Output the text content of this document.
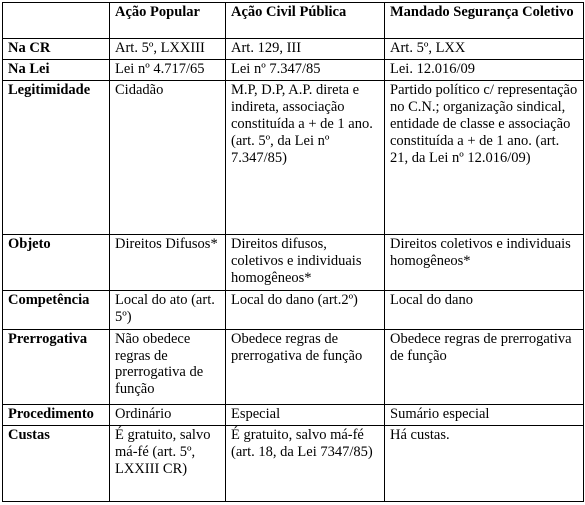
	Ação Popular	Ação Civil Pública	Mandado Segurança Coletivo
Na CR	Art. 5º, LXXIII	Art. 129, III	Art. 5º, LXX
Na Lei	Lei nº 4.717/65	Lei nº 7.347/85	Lei. 12.016/09
Legitimidade	Cidadão	M.P, D.P, A.P. direta e indireta, associação constituída a + de 1 ano. (art. 5º, da Lei nº 7.347/85)	Partido político c/ representação no C.N.; organização sindical, entidade de classe e associação constituída a + de 1 ano. (art. 21, da Lei nº 12.016/09)
Objeto	Direitos Difusos*	Direitos difusos, coletivos e individuais homogêneos*	Direitos coletivos e individuais homogêneos*
Competência	Local do ato (art. 5º)	Local do dano (art.2º)	Local do dano
Prerrogativa	Não obedece regras de prerrogativa de função	Obedece regras de prerrogativa de função	Obedece regras de prerrogativa de função
Procedimento	Ordinário	Especial	Sumário especial
Custas	É gratuito, salvo má-fé (art. 5º, LXXIII CR)	É gratuito, salvo má-fé (art. 18, da Lei 7347/85)	Há custas.
